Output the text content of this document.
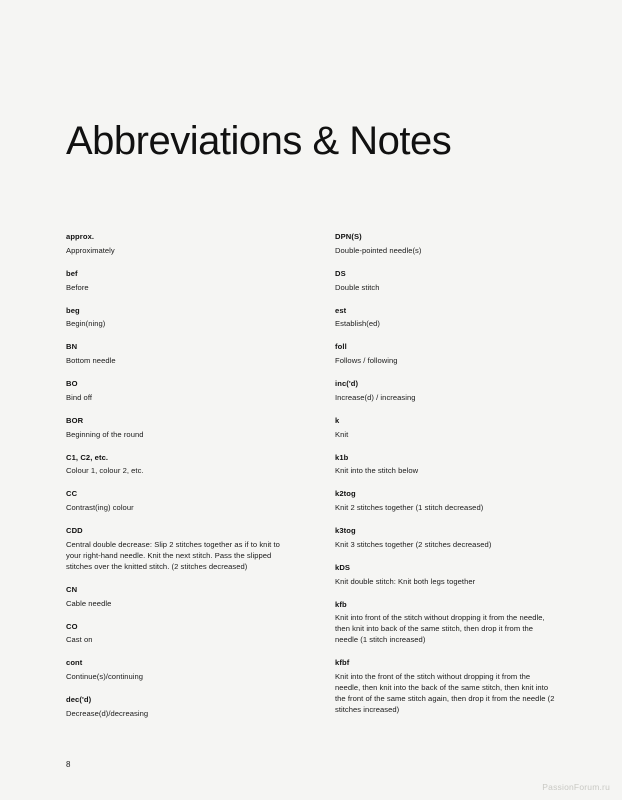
Abbreviations & Notes
approx.
Approximately
bef
Before
beg
Begin(ning)
BN
Bottom needle
BO
Bind off
BOR
Beginning of the round
C1, C2, etc.
Colour 1, colour 2, etc.
CC
Contrast(ing) colour
CDD
Central double decrease: Slip 2 stitches together as if to knit to your right-hand needle. Knit the next stitch. Pass the slipped stitches over the knitted stitch. (2 stitches decreased)
CN
Cable needle
CO
Cast on
cont
Continue(s)/continuing
dec('d)
Decrease(d)/decreasing
DPN(S)
Double-pointed needle(s)
DS
Double stitch
est
Establish(ed)
foll
Follows / following
inc('d)
Increase(d) / increasing
k
Knit
k1b
Knit into the stitch below
k2tog
Knit 2 stitches together (1 stitch decreased)
k3tog
Knit 3 stitches together (2 stitches decreased)
kDS
Knit double stitch: Knit both legs together
kfb
Knit into front of the stitch without dropping it from the needle, then knit into back of the same stitch, then drop it from the needle (1 stitch increased)
kfbf
Knit into the front of the stitch without dropping it from the needle, then knit into the back of the same stitch, then knit into the front of the same stitch again, then drop it from the needle (2 stitches increased)
8
PassionForum.ru
